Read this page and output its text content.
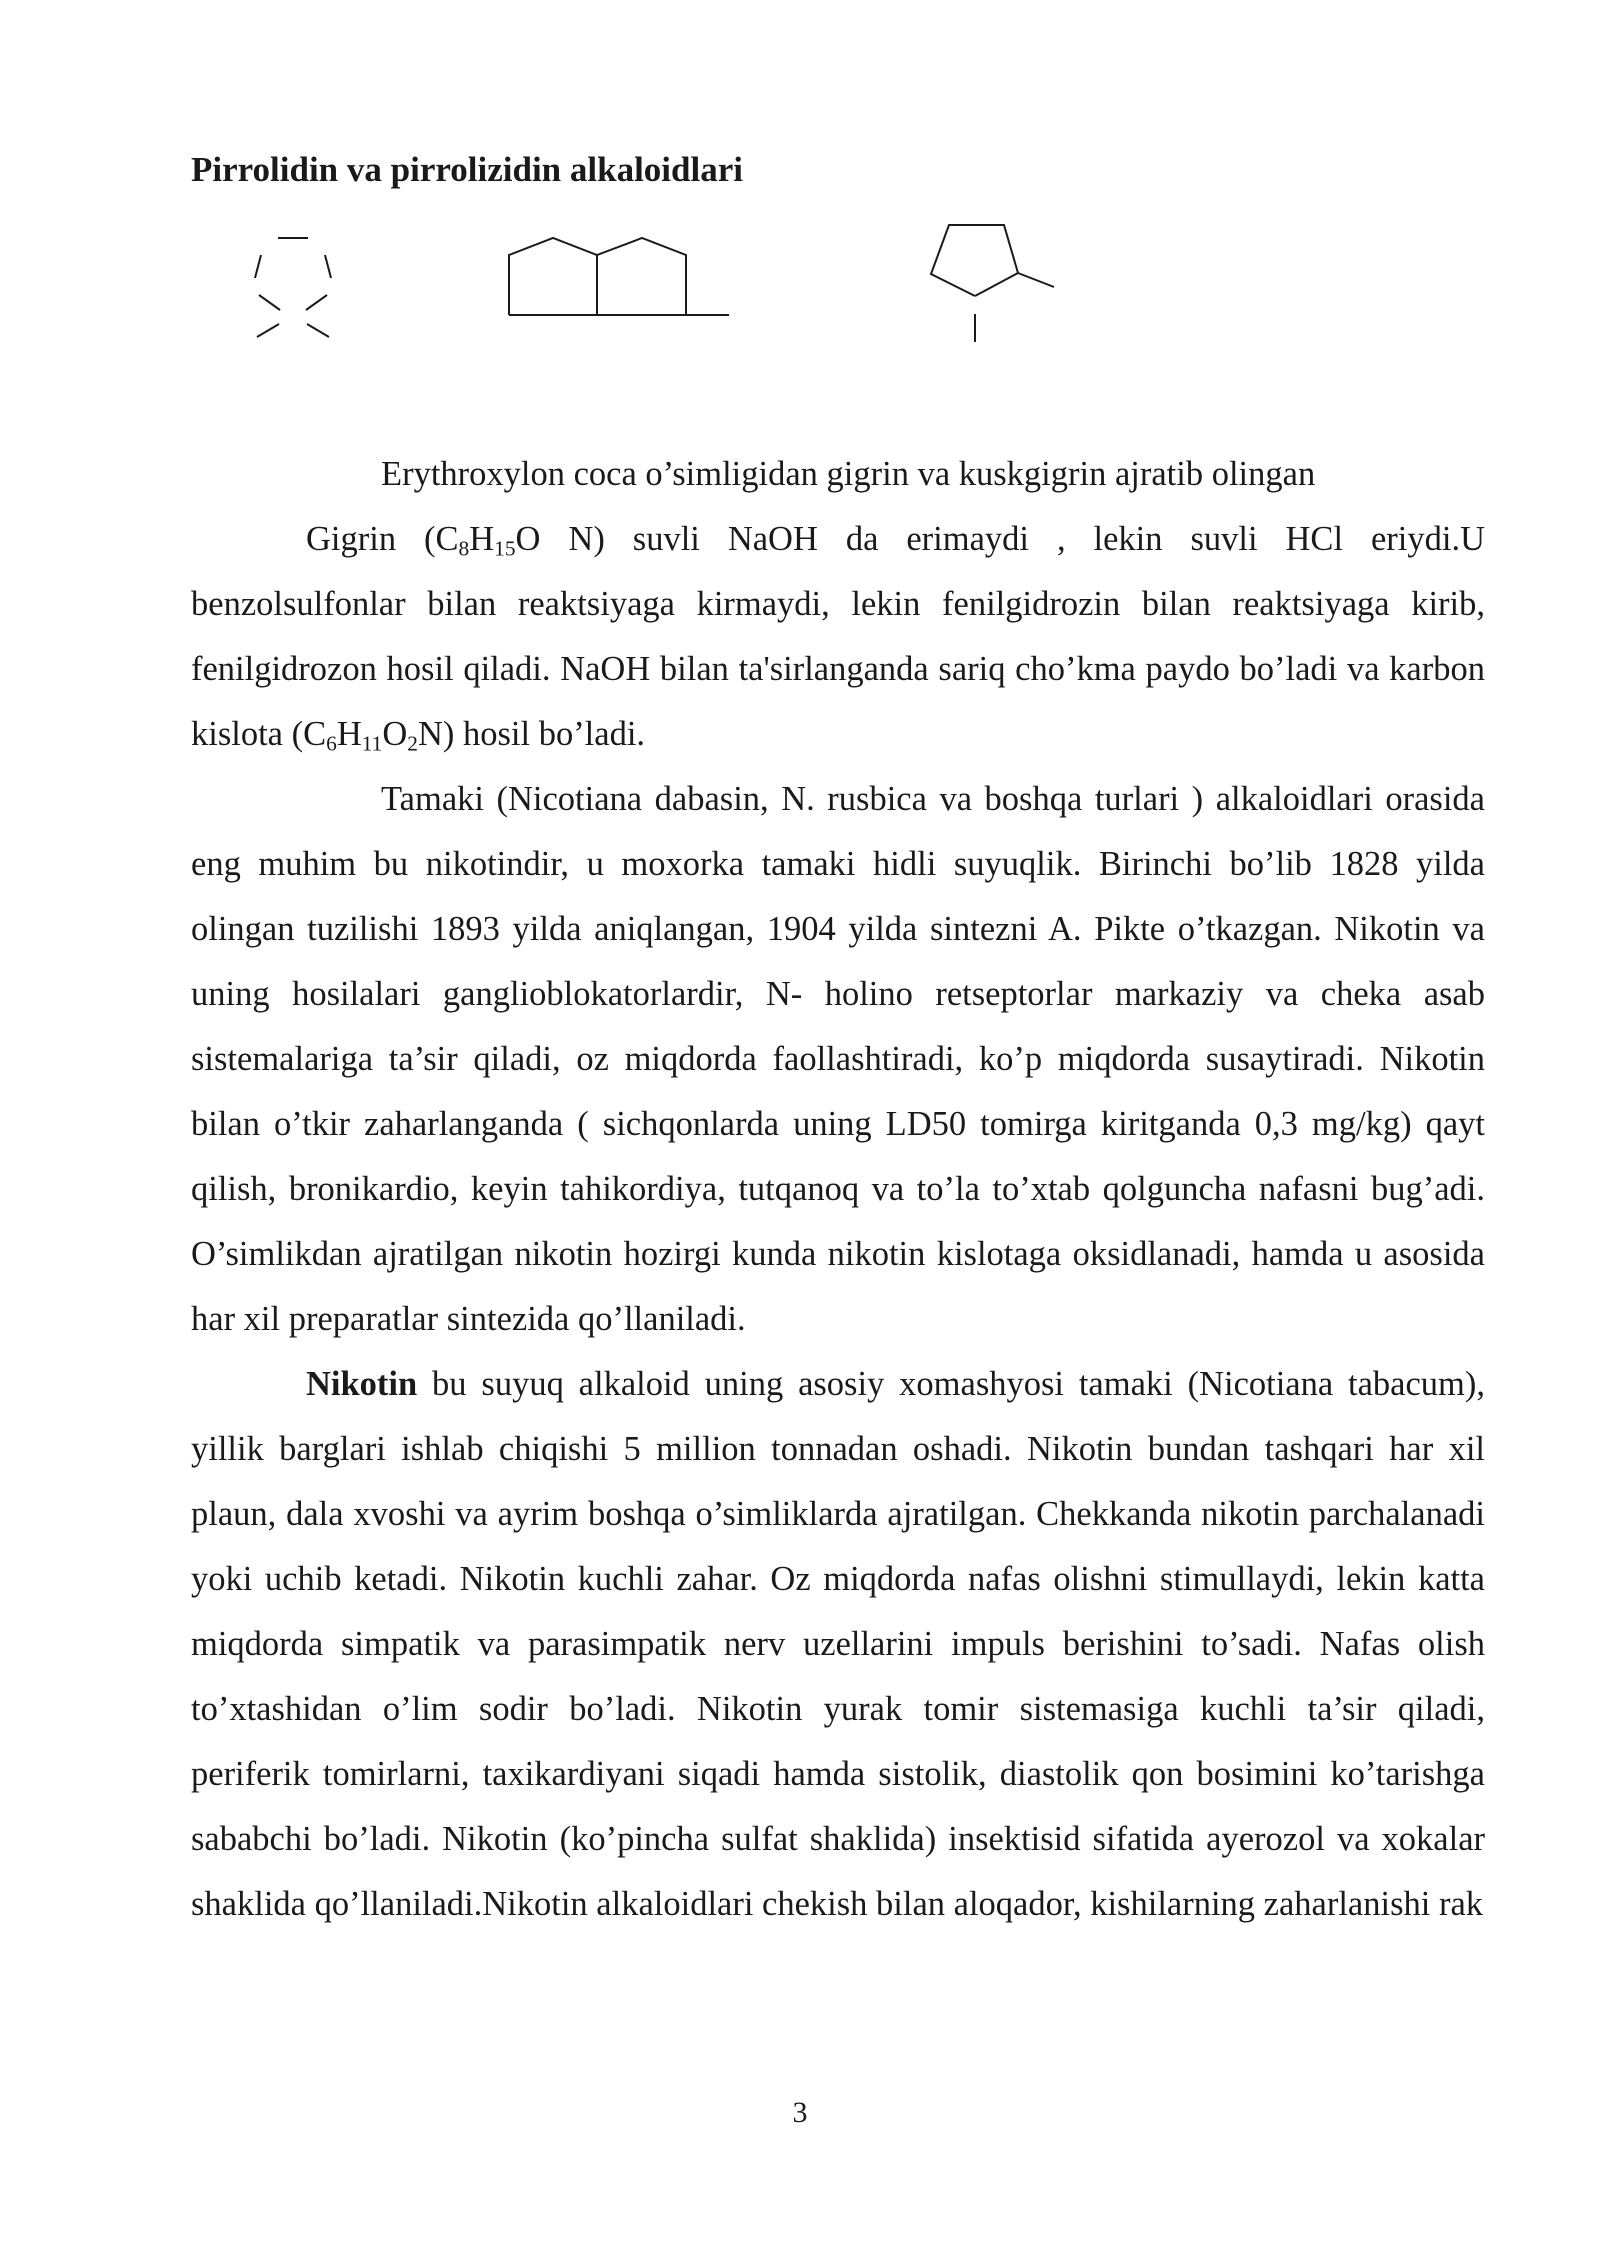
Pirrolidin va pirrolizidin alkaloidlari

Erythroxylon coca o’simligidan gigrin va kuskgigrin ajratib olingan

Gigrin ($C_8H_{15}O$ N) suvli NaOH da erimaydi , lekin suvli HCl eriydi.U benzolsulfonlar bilan reaktsiyaga kirmaydi, lekin fenilgidrozin bilan reaktsiyaga kirib, fenilgidrozon hosil qiladi. NaOH bilan ta'sirlanganda sariq cho’kma paydo bo’ladi va karbon kislota $(C_6H_{11}O_2N)$ hosil bo’ladi.

Tamaki (Nicotiana dabasin, N. rusbica va boshqa turlari ) alkaloidlari orasida eng muhim bu nikotindir, u moxorka tamaki hidli suyuqlik. Birinchi bo’lib 1828 yilda olingan tuzilishi 1893 yilda aniqlangan, 1904 yilda sintezni A. Pikte o’tkazgan. Nikotin va uning hosilalari ganglioblokatorlardir, N- holino retseptorlar markaziy va cheka asab sistemalariga ta’sir qiladi, oz miqdorda faollashtiradi, ko’p miqdorda susaytiradi. Nikotin bilan o’tkir zaharlanganda ( sichqonlarda uning LD50 tomirga kiritganda 0,3 mg/kg) qayt qilish, bronikardio, keyin tahikordiya, tutqanoq va to’la to’xtab qolguncha nafasni bug’adi. O’simlikdan ajratilgan nikotin hozirgi kunda nikotin kislotaga oksidlanadi, hamda u asosida har xil preparatlar sintezida qo’llaniladi.

Nikotin bu suyuq alkaloid uning asosiy xomashyosi tamaki (Nicotiana tabacum), yillik barglari ishlab chiqishi 5 million tonnadan oshadi. Nikotin bundan tashqari har xil plaun, dala xvoshi va ayrim boshqa o’simliklarda ajratilgan. Chekkanda nikotin parchalanadi yoki uchib ketadi. Nikotin kuchli zahar. Oz miqdorda nafas olishni stimullaydi, lekin katta miqdorda simpatik va parasimpatik nerv uzellarini impuls berishini to’sadi. Nafas olish to’xtashidan o’lim sodir bo’ladi. Nikotin yurak tomir sistemasiga kuchli ta’sir qiladi, periferik tomirlarni, taxikardiyani siqadi hamda sistolik, diastolik qon bosimini ko’tarishga sababchi bo’ladi. Nikotin (ko’pincha sulfat shaklida) insektisid sifatida ayerozol va xokalar shaklida qo’llaniladi.Nikotin alkaloidlari chekish bilan aloqador, kishilarning zaharlanishi rak

3
